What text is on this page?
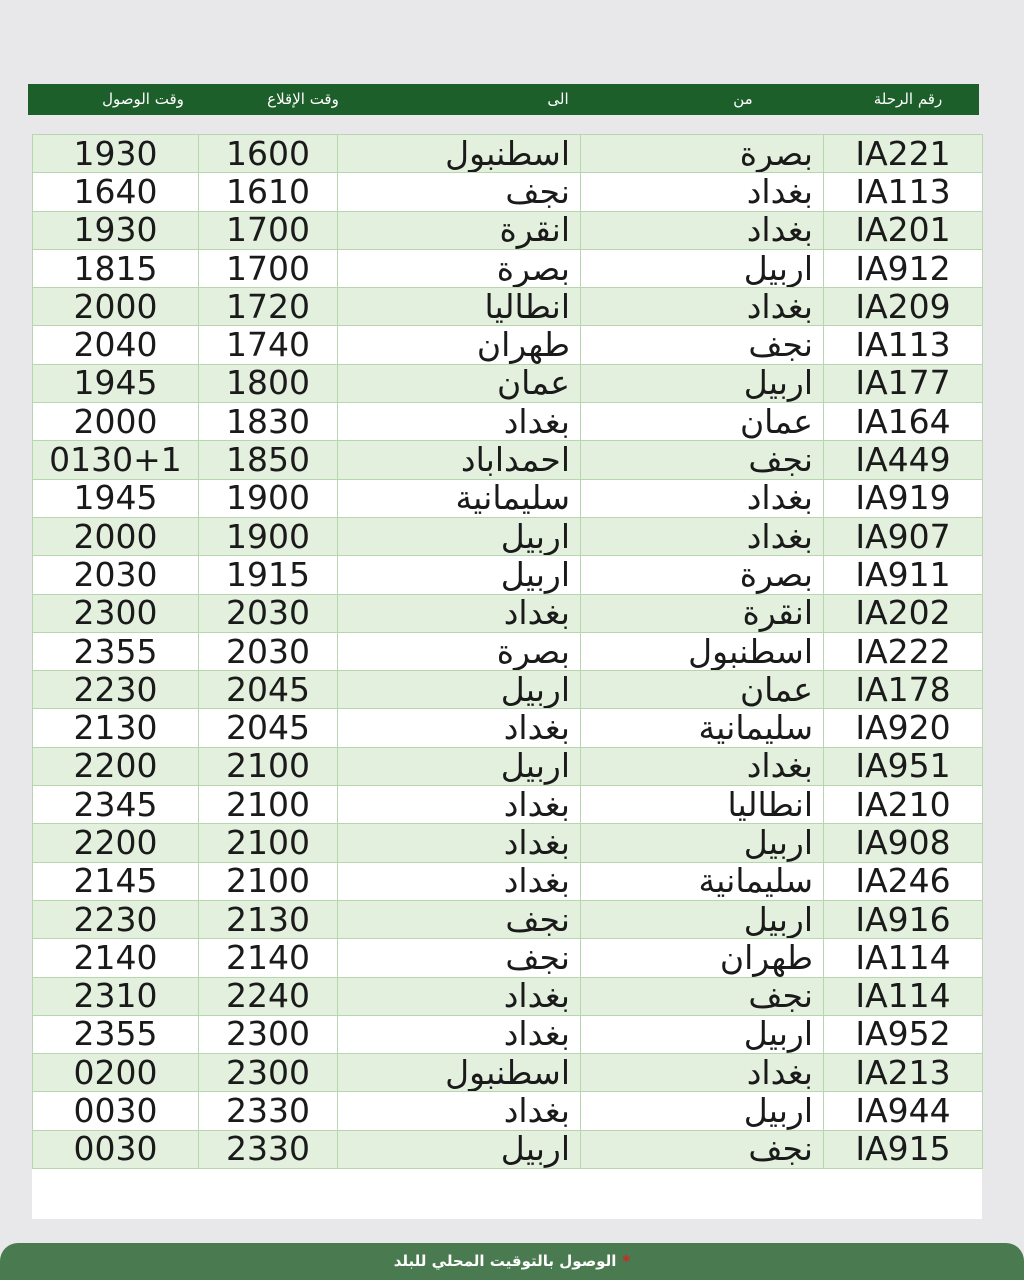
وقت الوصول	وقت الإقلاع	الى	من	رقم الرحلة
1930	1600	اسطنبول	بصرة	IA221
1640	1610	نجف	بغداد	IA113
1930	1700	انقرة	بغداد	IA201
1815	1700	بصرة	اربيل	IA912
2000	1720	انطاليا	بغداد	IA209
2040	1740	طهران	نجف	IA113
1945	1800	عمان	اربيل	IA177
2000	1830	بغداد	عمان	IA164
0130+1	1850	احمداباد	نجف	IA449
1945	1900	سليمانية	بغداد	IA919
2000	1900	اربيل	بغداد	IA907
2030	1915	اربيل	بصرة	IA911
2300	2030	بغداد	انقرة	IA202
2355	2030	بصرة	اسطنبول	IA222
2230	2045	اربيل	عمان	IA178
2130	2045	بغداد	سليمانية	IA920
2200	2100	اربيل	بغداد	IA951
2345	2100	بغداد	انطاليا	IA210
2200	2100	بغداد	اربيل	IA908
2145	2100	بغداد	سليمانية	IA246
2230	2130	نجف	اربيل	IA916
2140	2140	نجف	طهران	IA114
2310	2240	بغداد	نجف	IA114
2355	2300	بغداد	اربيل	IA952
0200	2300	اسطنبول	بغداد	IA213
0030	2330	بغداد	اربيل	IA944
0030	2330	اربيل	نجف	IA915
*الوصول بالتوقيت المحلي للبلد
